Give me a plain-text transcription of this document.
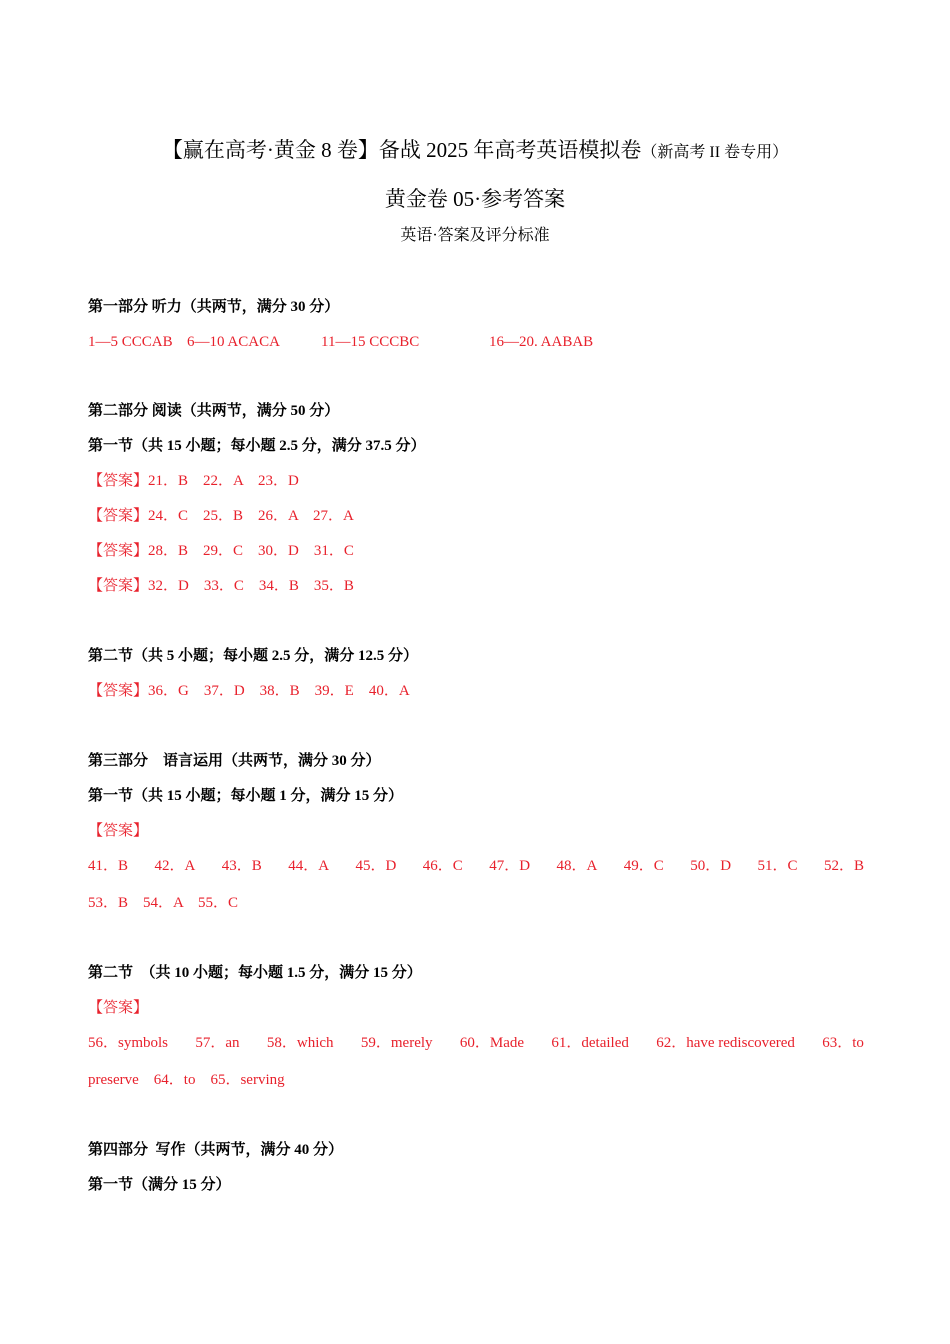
【赢在高考·黄金 8 卷】备战 2025 年高考英语模拟卷（新高考 II 卷专用）
黄金卷 05·参考答案
英语·答案及评分标准
第一部分 听力（共两节，满分 30 分）
1—5 CCCAB 6—10 ACACA	11—15 CCCBC	16—20. AABAB
第二部分 阅读（共两节，满分 50 分）
第一节（共 15 小题；每小题 2.5 分，满分 37.5 分）
【答案】21．B    22．A    23．D
【答案】24．C    25．B    26．A    27．A
【答案】28．B    29．C    30．D    31．C
【答案】32．D    33．C    34．B    35．B
第二节（共 5 小题；每小题 2.5 分，满分 12.5 分）
【答案】36．G    37．D    38．B    39．E    40．A
第三部分    语言运用（共两节，满分 30 分）
第一节（共 15 小题；每小题 1 分，满分 15 分）
【答案】
41．B 42．A 43．B 44．A 45．D 46．C 47．D 48．A 49．C 50．D 51．C 52．B
53．B    54．A    55．C
第二节  （共 10 小题；每小题 1.5 分，满分 15 分）
【答案】
56．symbols 57．an 58．which 59．merely 60．Made 61．detailed 62．have rediscovered 63．to
preserve    64．to    65．serving
第四部分  写作（共两节，满分 40 分）
第一节（满分 15 分）
